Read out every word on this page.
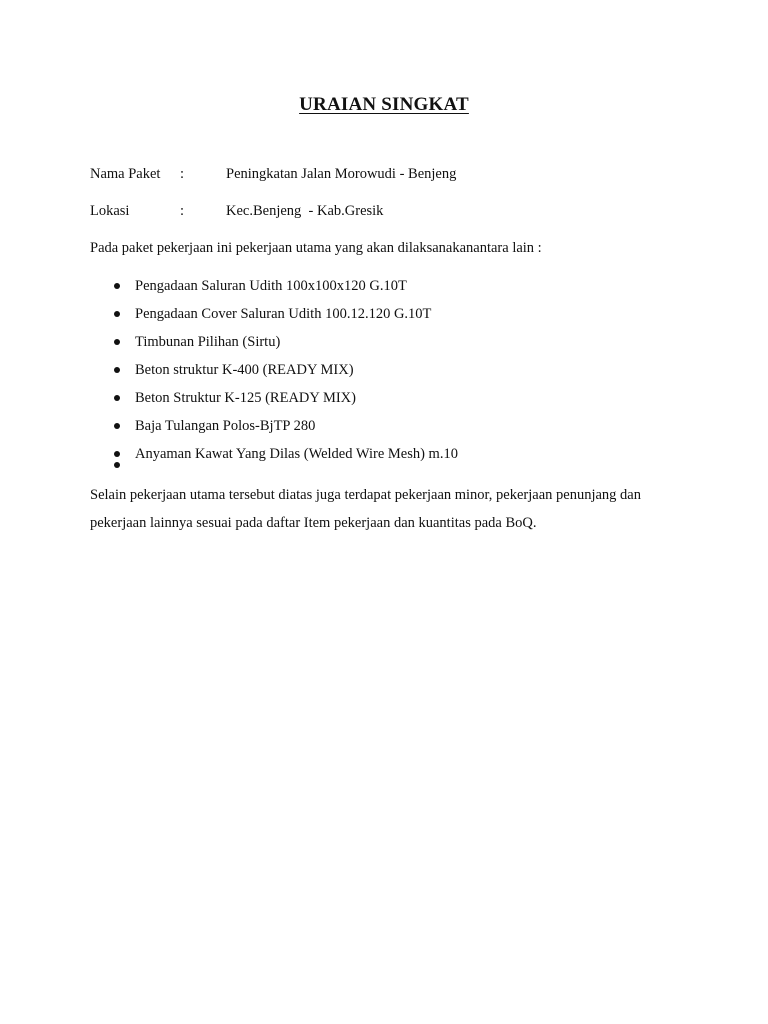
URAIAN SINGKAT
Nama Paket :	Peningkatan Jalan Morowudi - Benjeng
Lokasi	:	Kec.Benjeng  - Kab.Gresik
Pada paket pekerjaan ini pekerjaan utama yang akan dilaksanakanantara lain :
Pengadaan Saluran Udith 100x100x120 G.10T
Pengadaan Cover Saluran Udith 100.12.120 G.10T
Timbunan Pilihan (Sirtu)
Beton struktur K-400 (READY MIX)
Beton Struktur K-125 (READY MIX)
Baja Tulangan Polos-BjTP 280
Anyaman Kawat Yang Dilas (Welded Wire Mesh) m.10
Selain pekerjaan utama tersebut diatas juga terdapat pekerjaan minor, pekerjaan penunjang dan pekerjaan lainnya sesuai pada daftar Item pekerjaan dan kuantitas pada BoQ.
